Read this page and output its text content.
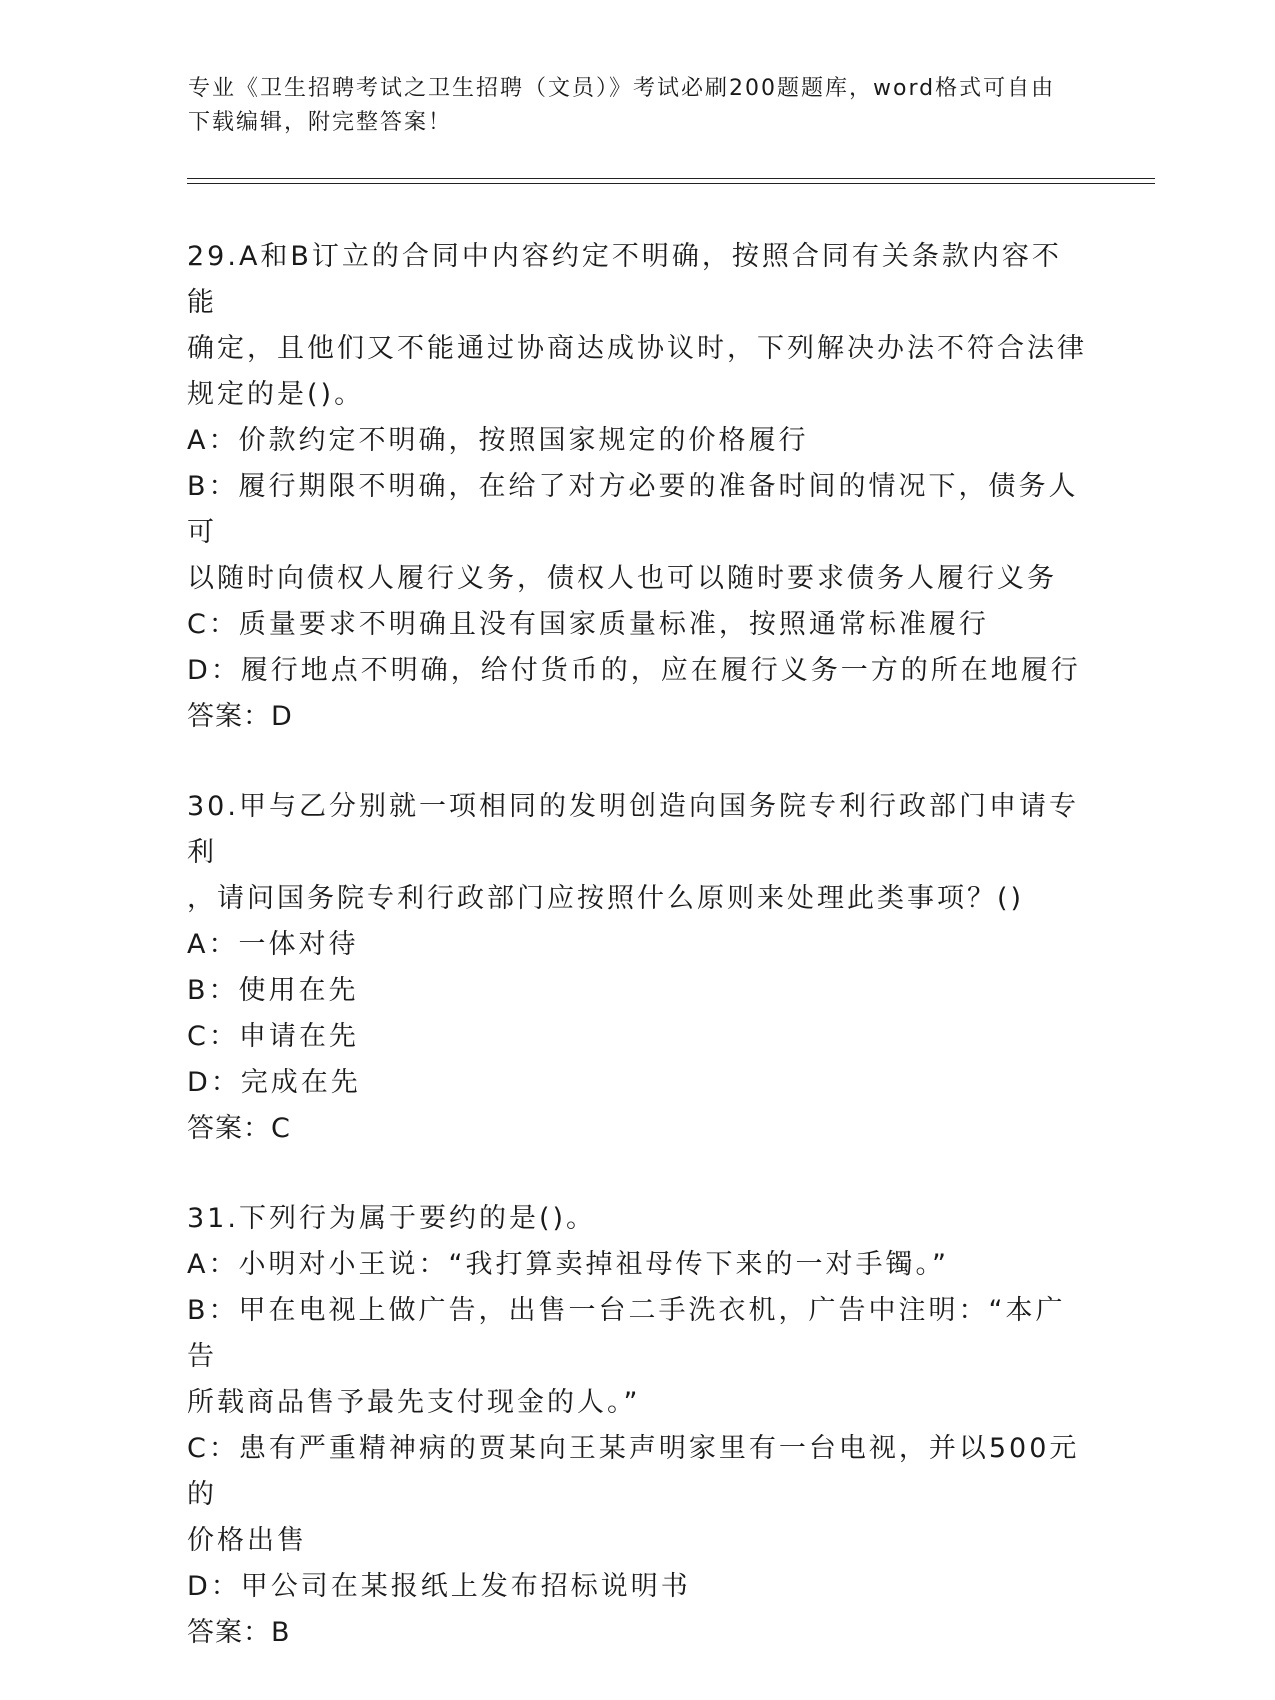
专业《卫生招聘考试之卫生招聘（文员）》考试必刷200题题库，word格式可自由下载编辑，附完整答案！

29.A和B订立的合同中内容约定不明确，按照合同有关条款内容不能

确定，且他们又不能通过协商达成协议时，下列解决办法不符合法律

规定的是()。

A：价款约定不明确，按照国家规定的价格履行

B：履行期限不明确，在给了对方必要的准备时间的情况下，债务人可

以随时向债权人履行义务，债权人也可以随时要求债务人履行义务

C：质量要求不明确且没有国家质量标准，按照通常标准履行

D：履行地点不明确，给付货币的，应在履行义务一方的所在地履行

答案：D

30.甲与乙分别就一项相同的发明创造向国务院专利行政部门申请专利

，请问国务院专利行政部门应按照什么原则来处理此类事项？()

A：一体对待

B：使用在先

C：申请在先

D：完成在先

答案：C

31.下列行为属于要约的是()。

A：小明对小王说：“我打算卖掉祖母传下来的一对手镯。”

B：甲在电视上做广告，出售一台二手洗衣机，广告中注明：“本广告

所载商品售予最先支付现金的人。”

C：患有严重精神病的贾某向王某声明家里有一台电视，并以500元的

价格出售

D：甲公司在某报纸上发布招标说明书

答案：B
